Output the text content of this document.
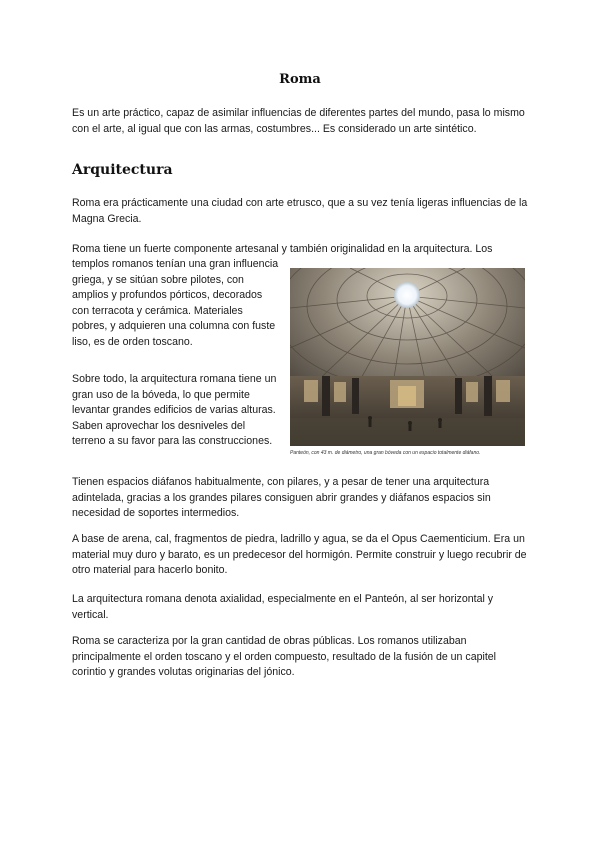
Roma

Es un arte práctico, capaz de asimilar influencias de diferentes partes del mundo, pasa lo mismo con el arte, al igual que con las armas, costumbres... Es considerado un arte sintético.

Arquitectura

Roma era prácticamente una ciudad con arte etrusco, que a su vez tenía ligeras influencias de la Magna Grecia.

Roma tiene un fuerte componente artesanal y también originalidad en la arquitectura. Los

templos romanos tenían una gran influencia griega, y se sitúan sobre pilotes, con amplios y profundos pórticos, decorados con terracota y cerámica. Materiales pobres, y adquieren una columna con fuste liso, es de orden toscano.

Sobre todo, la arquitectura romana tiene un gran uso de la bóveda, lo que permite levantar grandes edificios de varias alturas. Saben aprovechar los desniveles del terreno a su favor para las construcciones.

Panteón, con 43 m. de diámetro, una gran bóveda con un espacio totalmente diáfano.

Tienen espacios diáfanos habitualmente, con pilares, y a pesar de tener una arquitectura adintelada, gracias a los grandes pilares consiguen abrir grandes y diáfanos espacios sin necesidad de soportes intermedios.

A base de arena, cal, fragmentos de piedra, ladrillo y agua, se da el Opus Caementicium. Era un material muy duro y barato, es un predecesor del hormigón. Permite construir y luego recubrir de otro material para hacerlo bonito.

La arquitectura romana denota axialidad, especialmente en el Panteón, al ser horizontal y vertical.

Roma se caracteriza por la gran cantidad de obras públicas. Los romanos utilizaban principalmente el orden toscano y el orden compuesto, resultado de la fusión de un capitel corintio y grandes volutas originarias del jónico.
